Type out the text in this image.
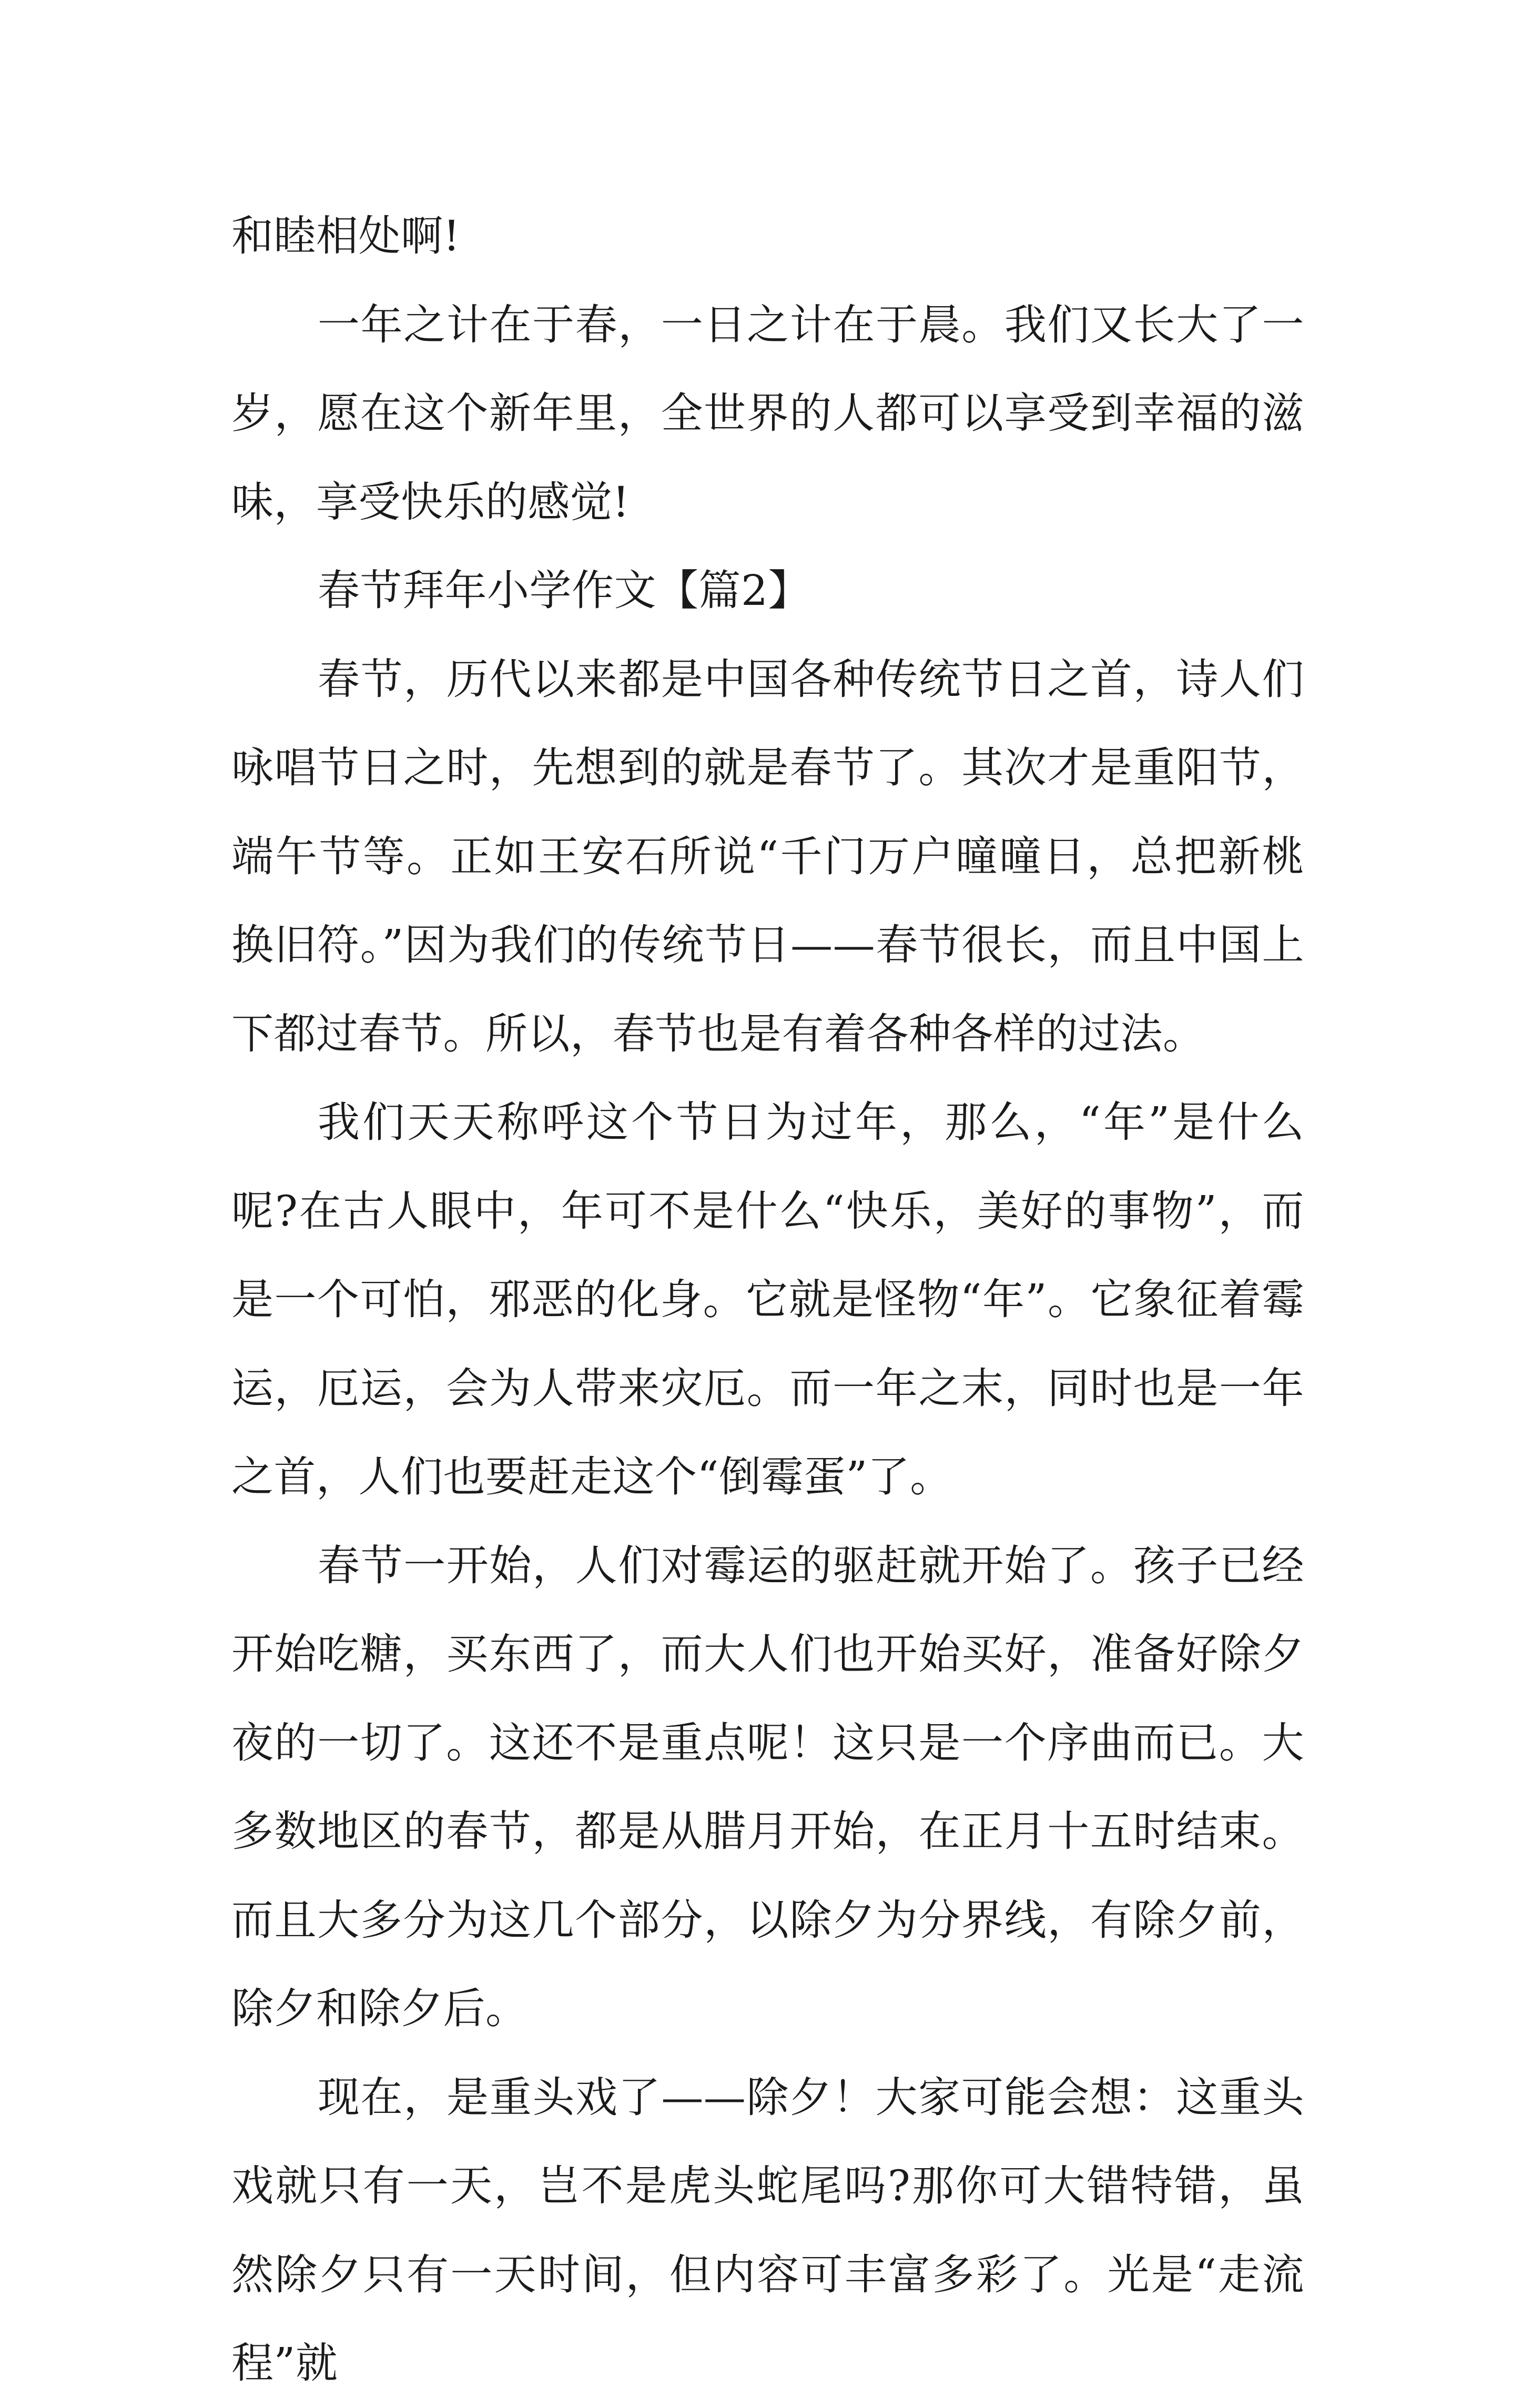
和睦相处啊!

一年之计在于春，一日之计在于晨。我们又长大了一岁，愿在这个新年里，全世界的人都可以享受到幸福的滋味，享受快乐的感觉!

春节拜年小学作文【篇2】

春节，历代以来都是中国各种传统节日之首，诗人们咏唱节日之时，先想到的就是春节了。其次才是重阳节，端午节等。正如王安石所说“千门万户曈曈日，总把新桃换旧符。”因为我们的传统节日——春节很长，而且中国上下都过春节。所以，春节也是有着各种各样的过法。

我们天天称呼这个节日为过年，那么，“年”是什么呢?在古人眼中，年可不是什么“快乐，美好的事物”，而是一个可怕，邪恶的化身。它就是怪物“年”。它象征着霉运，厄运，会为人带来灾厄。而一年之末，同时也是一年之首，人们也要赶走这个“倒霉蛋”了。

春节一开始，人们对霉运的驱赶就开始了。孩子已经开始吃糖，买东西了，而大人们也开始买好，准备好除夕夜的一切了。这还不是重点呢！这只是一个序曲而已。大多数地区的春节，都是从腊月开始，在正月十五时结束。而且大多分为这几个部分，以除夕为分界线，有除夕前，除夕和除夕后。

现在，是重头戏了——除夕！大家可能会想：这重头戏就只有一天，岂不是虎头蛇尾吗?那你可大错特错，虽然除夕只有一天时间，但内容可丰富多彩了。光是“走流程”就
